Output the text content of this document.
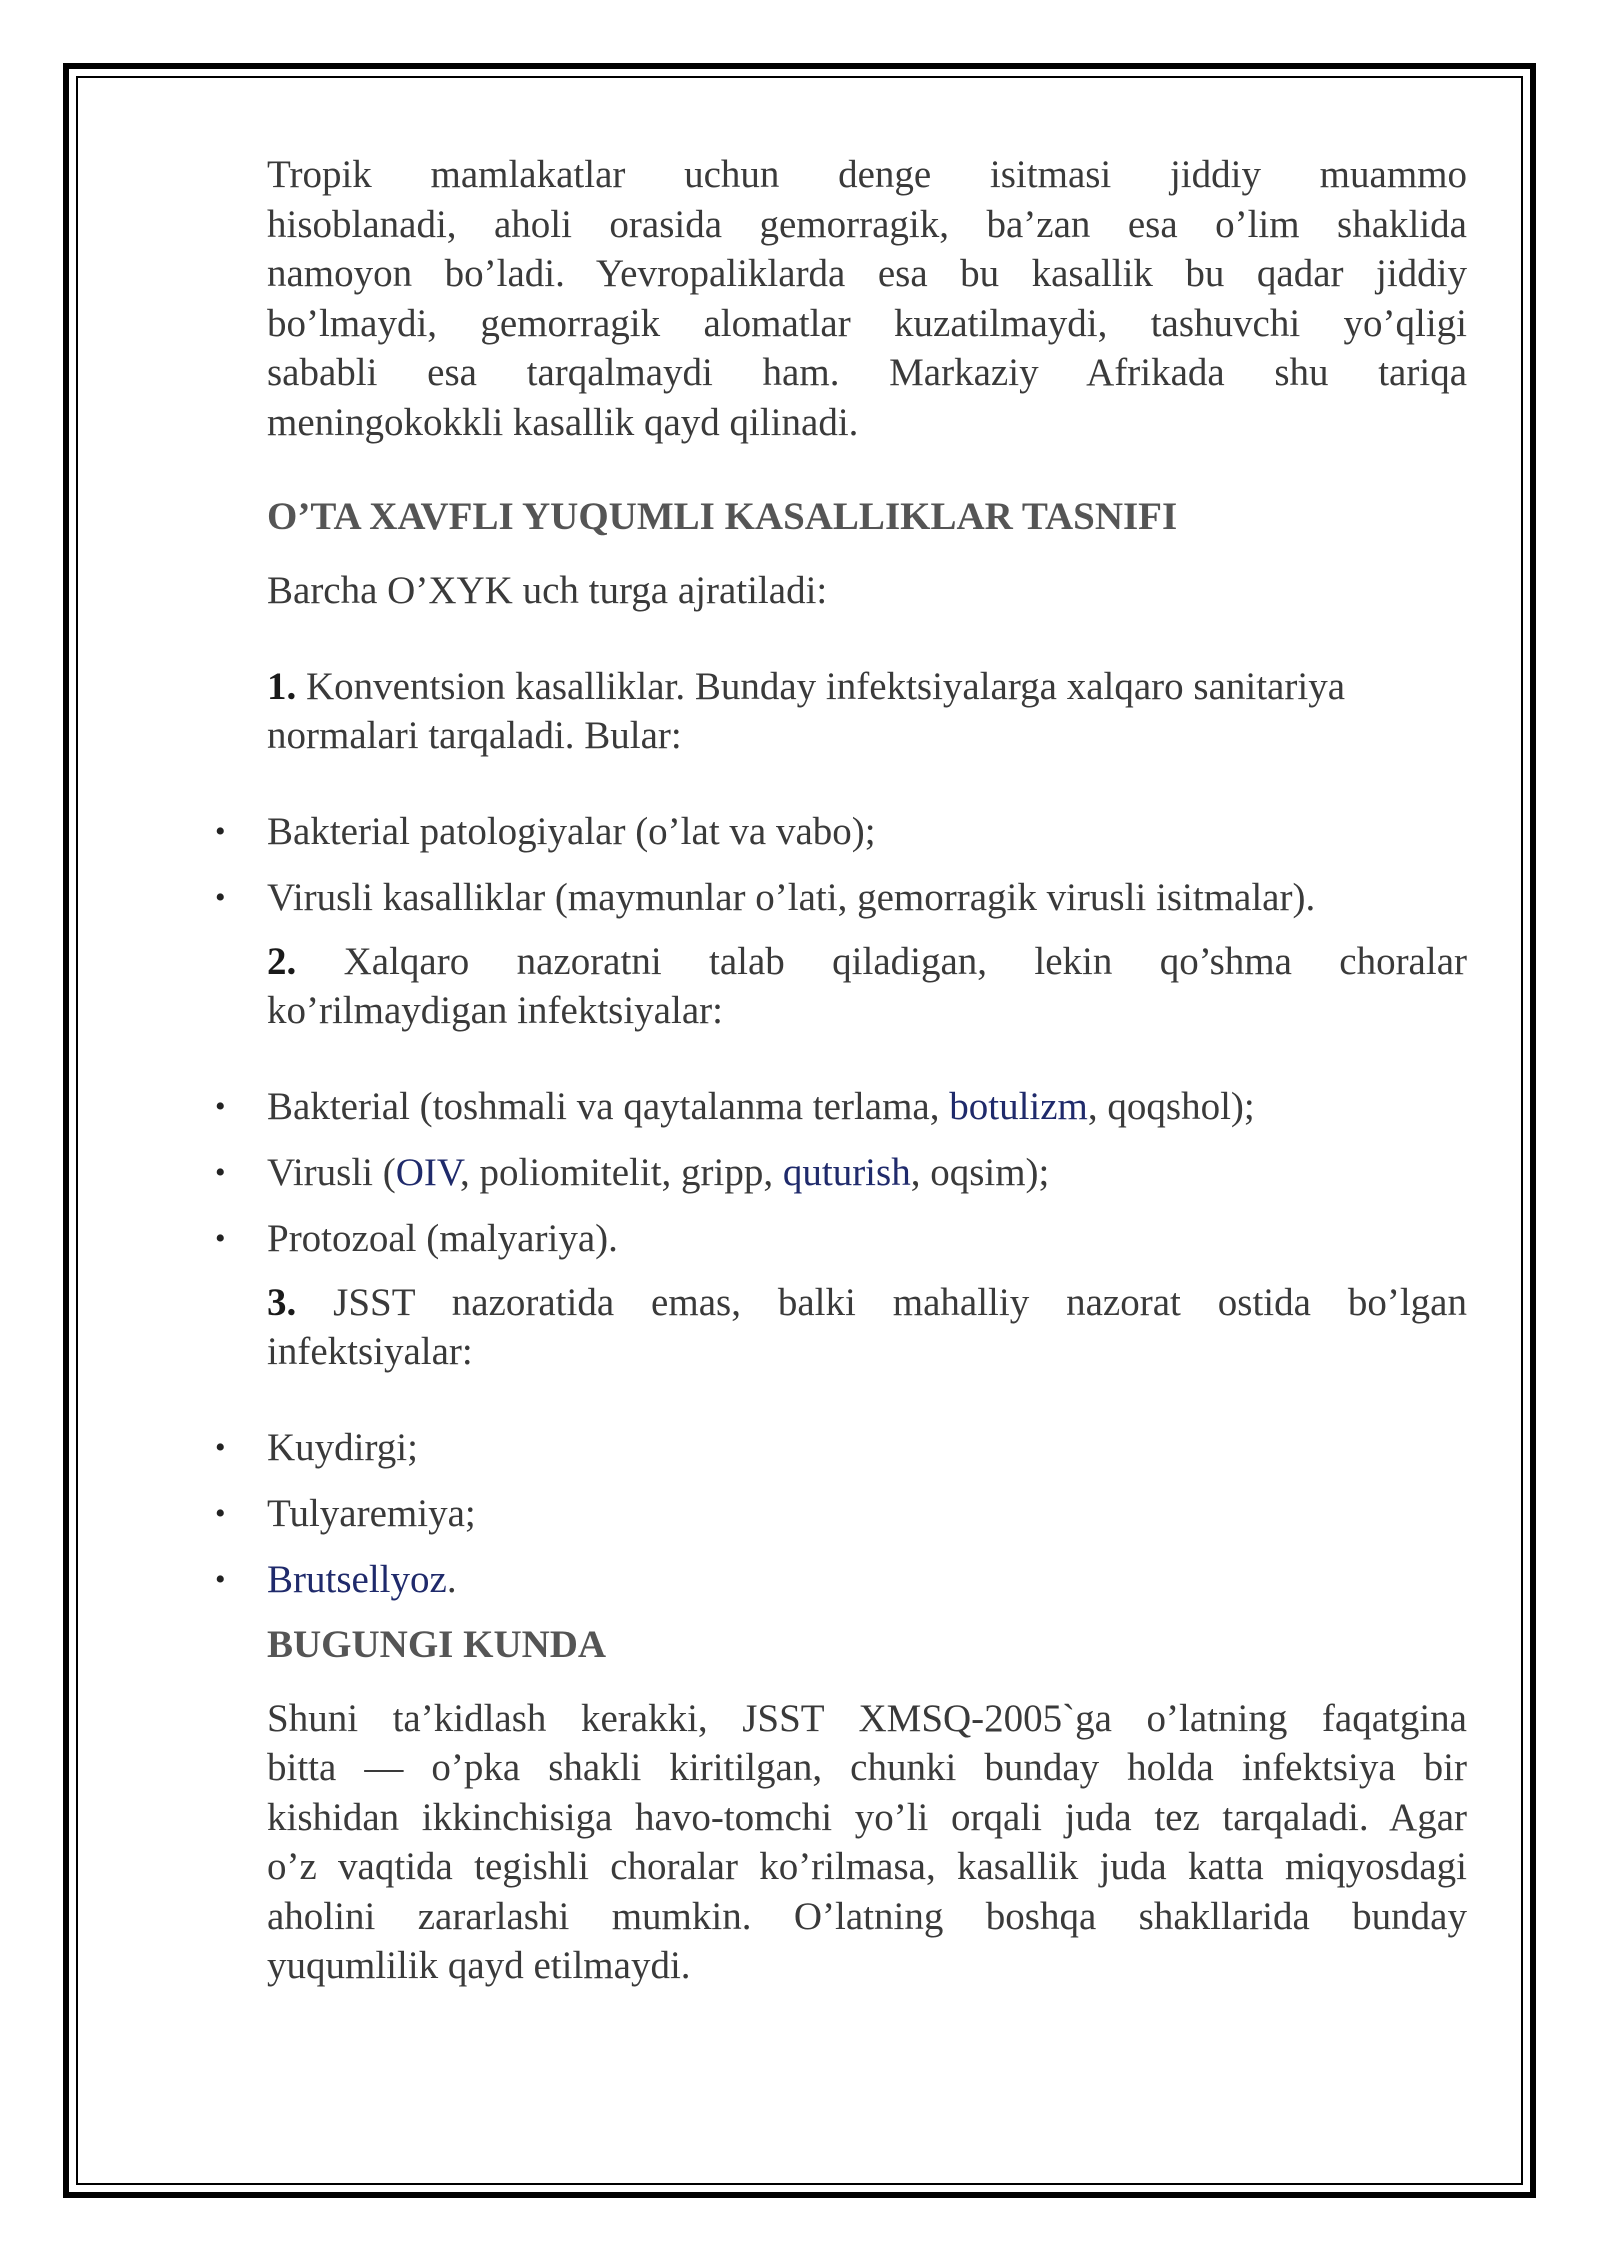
Tropik mamlakatlar uchun denge isitmasi jiddiy muammo
hisoblanadi, aholi orasida gemorragik, ba’zan esa o’lim shaklida
namoyon bo’ladi. Yevropaliklarda esa bu kasallik bu qadar jiddiy
bo’lmaydi, gemorragik alomatlar kuzatilmaydi, tashuvchi yo’qligi
sababli esa tarqalmaydi ham. Markaziy Afrikada shu tariqa
meningokokkli kasallik qayd qilinadi.
O’TA XAVFLI YUQUMLI KASALLIKLAR TASNIFI
Barcha O’XYK uch turga ajratiladi:
1. Konventsion kasalliklar. Bunday infektsiyalarga xalqaro sanitariya
normalari tarqaladi. Bular:
• Bakterial patologiyalar (o’lat va vabo);
• Virusli kasalliklar (maymunlar o’lati, gemorragik virusli isitmalar).
2. Xalqaro nazoratni talab qiladigan, lekin qo’shma choralar
ko’rilmaydigan infektsiyalar:
• Bakterial (toshmali va qaytalanma terlama, botulizm, qoqshol);
• Virusli (OIV, poliomitelit, gripp, quturish, oqsim);
• Protozoal (malyariya).
3. JSST nazoratida emas, balki mahalliy nazorat ostida bo’lgan
infektsiyalar:
• Kuydirgi;
• Tulyaremiya;
• Brutsellyoz.
BUGUNGI KUNDA
Shuni ta’kidlash kerakki, JSST XMSQ-2005`ga o’latning faqatgina
bitta — o’pka shakli kiritilgan, chunki bunday holda infektsiya bir
kishidan ikkinchisiga havo-tomchi yo’li orqali juda tez tarqaladi. Agar
o’z vaqtida tegishli choralar ko’rilmasa, kasallik juda katta miqyosdagi
aholini zararlashi mumkin. O’latning boshqa shakllarida bunday
yuqumlilik qayd etilmaydi.
